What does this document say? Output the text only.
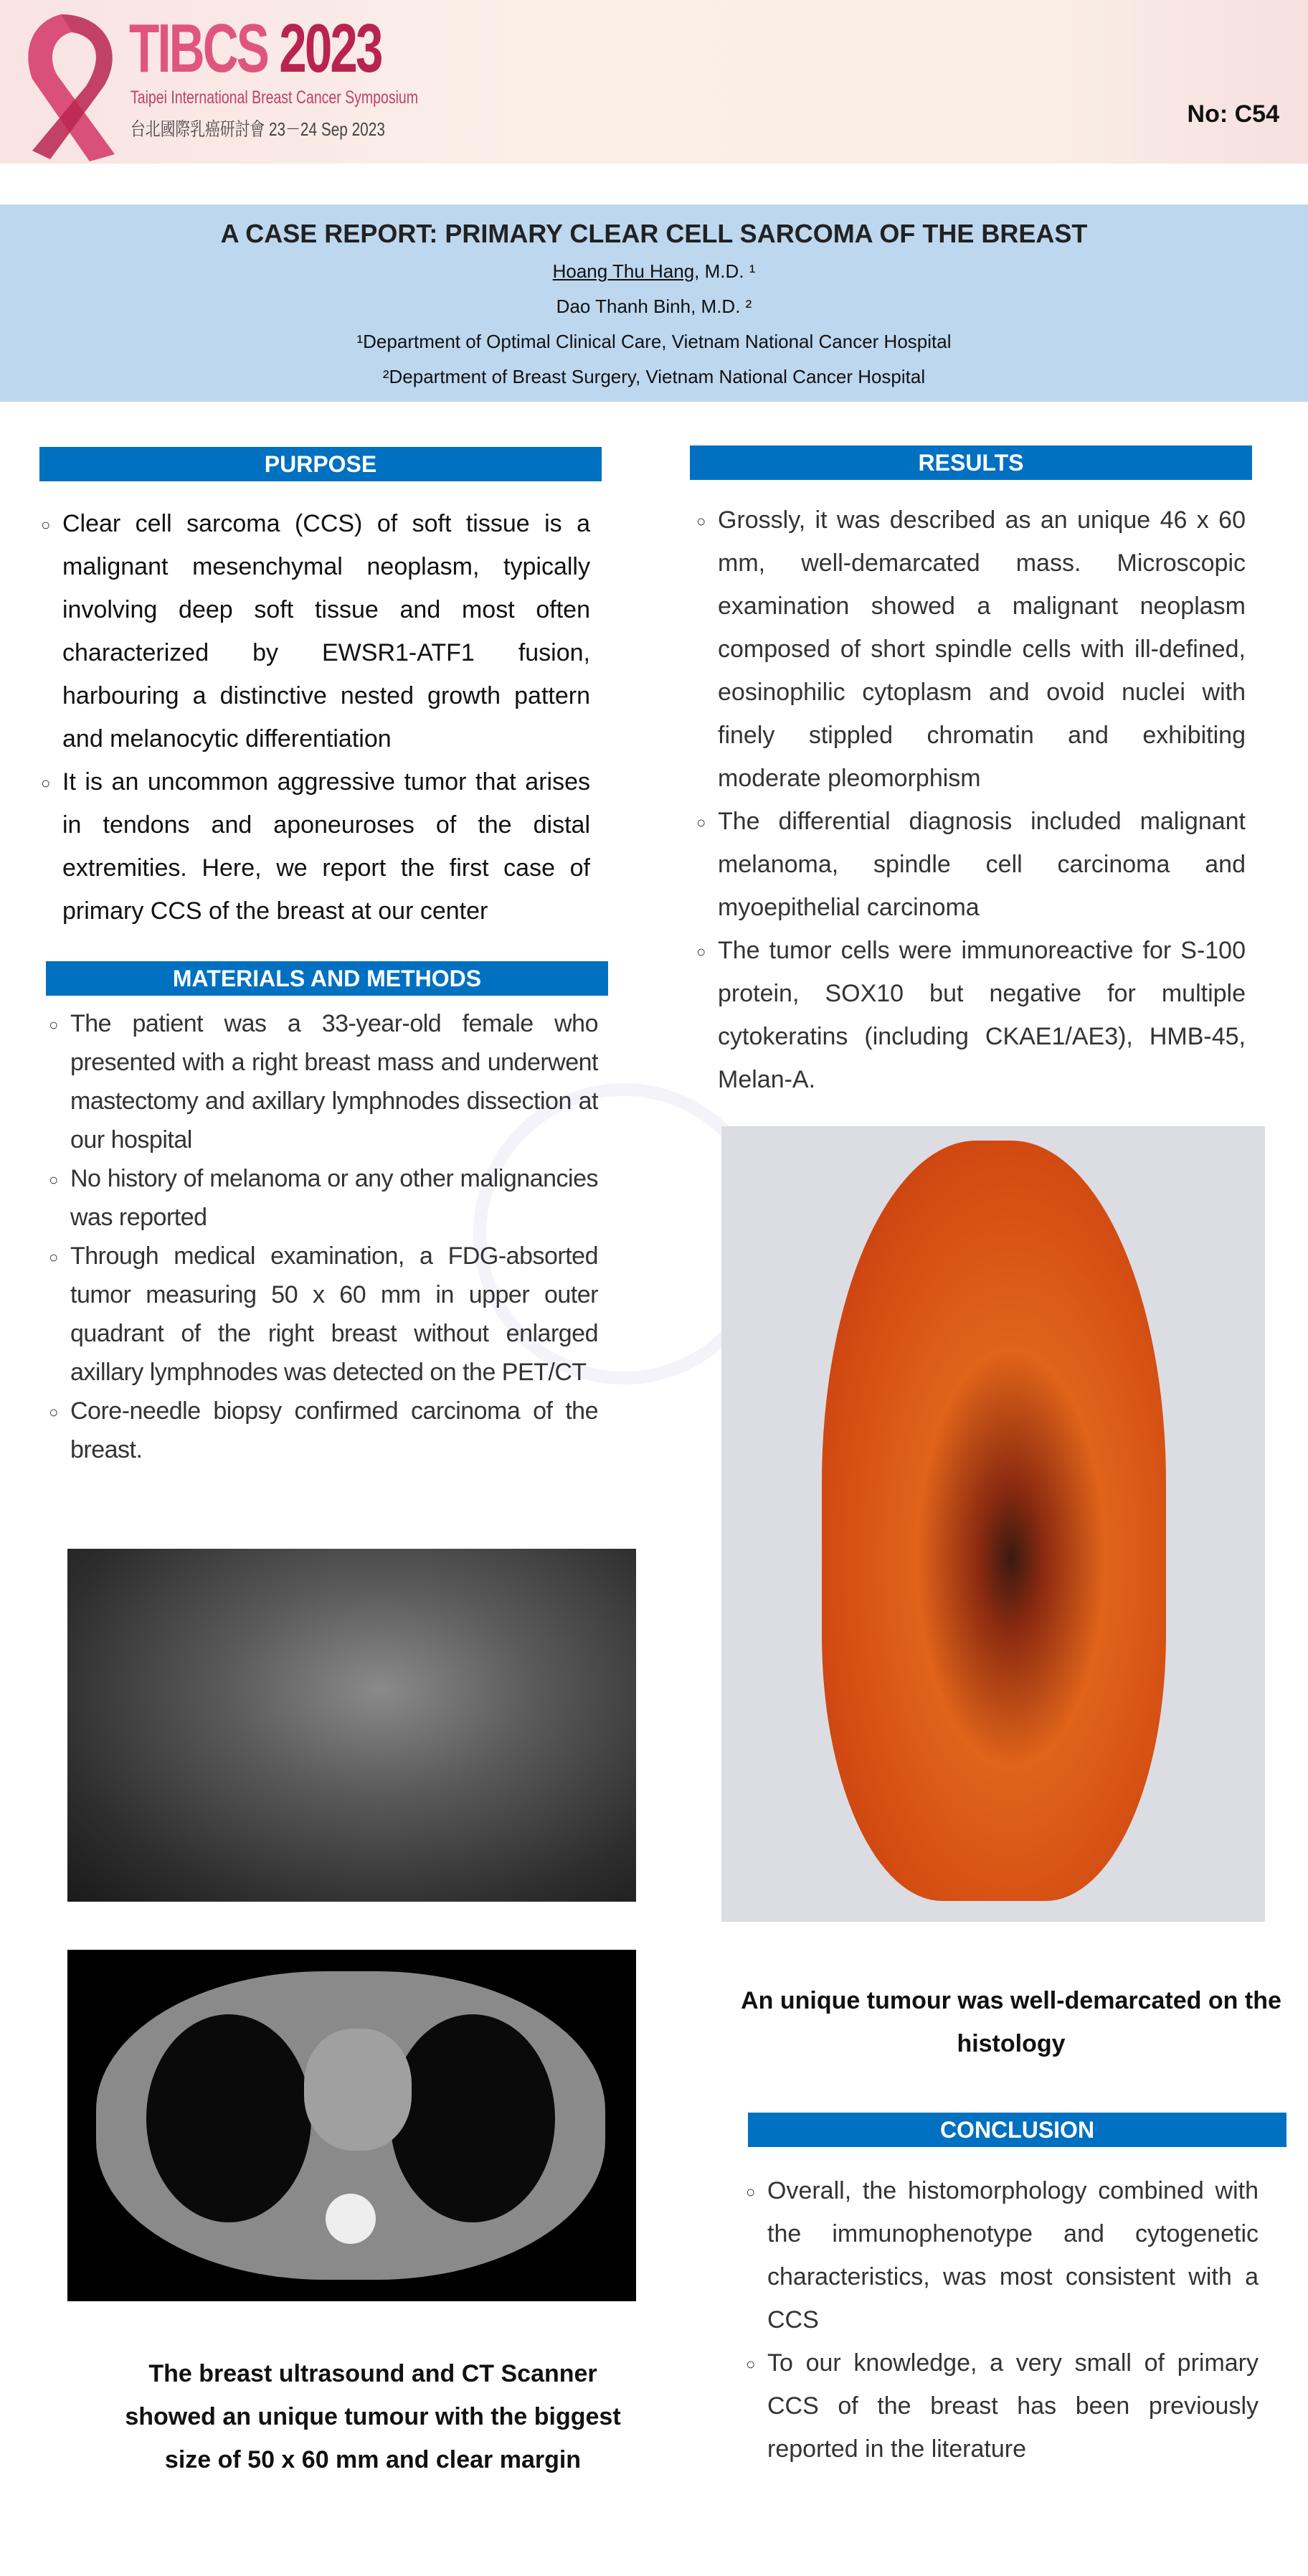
TIBCS 2023
Taipei International Breast Cancer Symposium
台北國際乳癌研討會 23－24 Sep 2023
No: C54
A CASE REPORT: PRIMARY CLEAR CELL SARCOMA OF THE BREAST
Hoang Thu Hang, M.D. ¹
Dao Thanh Binh, M.D. ²
¹Department of Optimal Clinical Care, Vietnam National Cancer Hospital
²Department of Breast Surgery, Vietnam National Cancer Hospital

PURPOSE
○ Clear cell sarcoma (CCS) of soft tissue is a malignant mesenchymal neoplasm, typically involving deep soft tissue and most often characterized by EWSR1-ATF1 fusion, harbouring a distinctive nested growth pattern and melanocytic differentiation
○ It is an uncommon aggressive tumor that arises in tendons and aponeuroses of the distal extremities. Here, we report the first case of primary CCS of the breast at our center
MATERIALS AND METHODS
○ The patient was a 33-year-old female who presented with a right breast mass and underwent mastectomy and axillary lymphnodes dissection at our hospital
○ No history of melanoma or any other malignancies was reported
○ Through medical examination, a FDG-absorted tumor measuring 50 x 60 mm in upper outer quadrant of the right breast without enlarged axillary lymphnodes was detected on the PET/CT
○ Core-needle biopsy confirmed carcinoma of the breast.
The breast ultrasound and CT Scanner showed an unique tumour with the biggest size of 50 x 60 mm and clear margin
RESULTS
○ Grossly, it was described as an unique 46 x 60 mm, well-demarcated mass. Microscopic examination showed a malignant neoplasm composed of short spindle cells with ill-defined, eosinophilic cytoplasm and ovoid nuclei with finely stippled chromatin and exhibiting moderate pleomorphism
○ The differential diagnosis included malignant melanoma, spindle cell carcinoma and myoepithelial carcinoma
○ The tumor cells were immunoreactive for S-100 protein, SOX10 but negative for multiple cytokeratins (including CKAE1/AE3), HMB-45, Melan-A.
An unique tumour was well-demarcated on the histology
CONCLUSION
○ Overall, the histomorphology combined with the immunophenotype and cytogenetic characteristics, was most consistent with a CCS
○ To our knowledge, a very small of primary CCS of the breast has been previously reported in the literature
